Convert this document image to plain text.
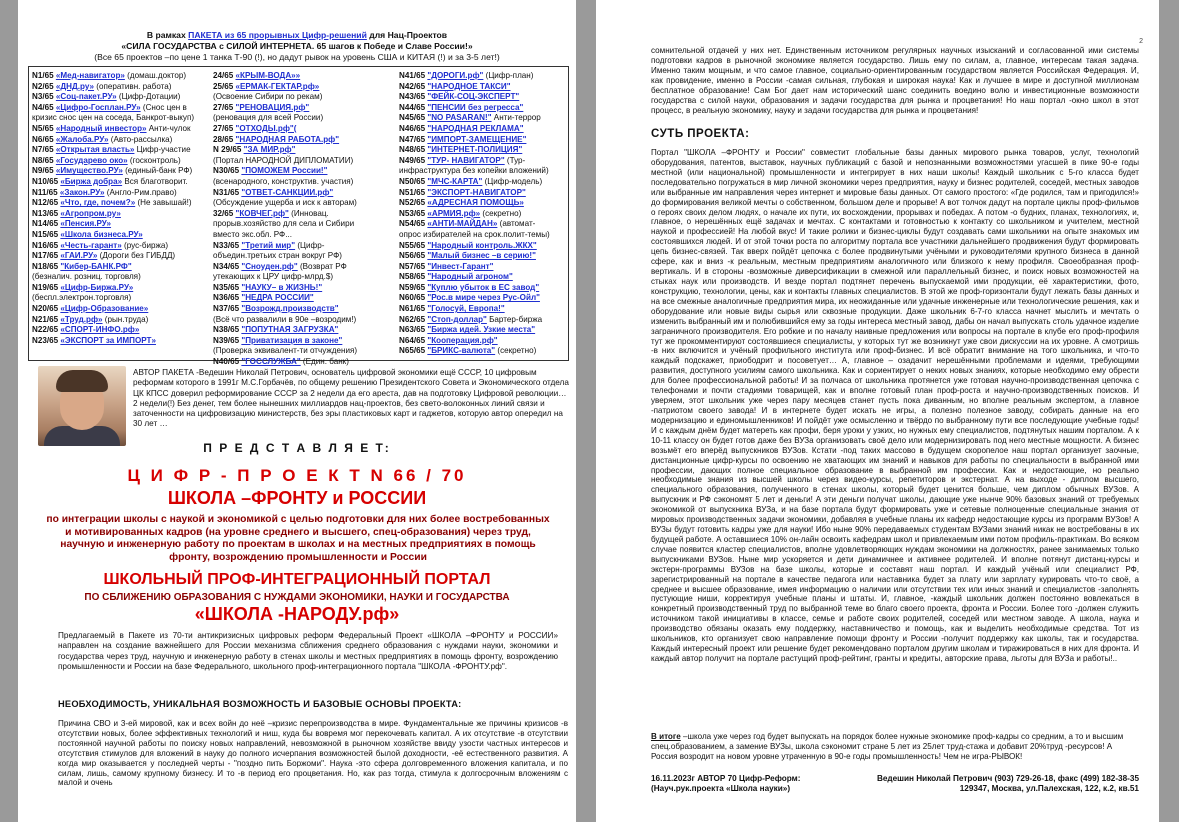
В рамках ПАКЕТА из 65 прорывных Цифр-решений для Нац-Проектов
«СИЛА ГОСУДАРСТВА с СИЛОЙ ИНТЕРНЕТА. 65 шагов к Победе и Славе России!»
(Все 65 проектов –по цене 1 танка Т-90 (!), но дадут рывок на уровень США и КИТАЯ (!) и за 3-5 лет!)
N1/65 «Мед-навигатор» (домаш.доктор)
N2/65 «ДНД.ру» (оперативн. работа)
N3/65 «Соц-пакет.РУ» (Цифр-Дотации)
N4/65 «Цифро-Госплан.РУ» (Снос цен в
кризис снос цен на соседа, Банкрот-выкуп)
N5/65 «Народный инвестор» Анти-чулок
N6/65 «Жалоба.РУ» (Авто-рассылка)
N7/65 «Открытая власть» Цифр-участие
N8/65 «Государево око» (госконтроль)
N9/65 «Имущество.РУ» (единый-банк РФ)
N10/65 «Биржа добра» Вся благотворит.
N11/65 «Закон.РУ» (Англо-Рим.право)
N12/65 «Что, где, почем?» (Не завышай!)
N13/65 «Агропром.ру»
N14/65 «Пенсия.РУ»
N15/65 «Школа бизнеса.РУ»
N16/65 «Честь-гарант» (рус-биржа)
N17/65 «ГАИ.РУ» (Дороги без ГИБДД)
N18/65 "Кибер-БАНК.РФ"
(безналич. розниц. торговля)
N19/65 «Цифр-Биржа.РУ»
(беспл.электрон.торговля)
N20/65 «Цифр-Образование»
N21/65 «Труд.рф» (рын.труда)
N22/65 «СПОРТ-ИНФО.рф»
N23/65 «ЭКСПОРТ за ИМПОРТ»
24/65 «КРЫМ-ВОДА»»
25/65 «ЕРМАК-ГЕКТАР.рф»
(Освоение Сибири по рекам)
27/65 "РЕНОВАЦИЯ.рф"
(реновация для всей России)
27/65 "ОТХОДЫ.рф"(
28/65 "НАРОДНАЯ РАБОТА.рф"
N 29/65 "ЗА МИР.рф"
(Портал НАРОДНОЙ ДИПЛОМАТИИ)
N30/65 "ПОМОЖЕМ России!"
(всенародного, конструктив. участия)
N31/65 "ОТВЕТ-САНКЦИИ.рф"
(Обсуждение ущерба и иск к авторам)
32/65 "КОВЧЕГ.рф" (Инновац.
прорыв.хозяйство для села и Сибири
вместо экс.обл. РФ...
N33/65 "Третий мир" (Цифр-
объедин.третьих стран вокруг РФ)
N34/65 "Сноуден.рф" (Возврат РФ
утекающих к ЦРУ цифр-млрд.$)
N35/65 "НАУКУ– в ЖИЗНЬ!"
N36/65 "НЕДРА РОССИИ"
N37/65 "Возрожд.производств"
(Всё что развалили в 90е –возродим!)
N38/65 "ПОПУТНАЯ ЗАГРУЗКА"
N39/65 "Приватизация в законе"
(Проверка эквивалент-ти отчуждения)
N40/65 "ГОССЛУЖБА" (Един. банк)
N41/65 "ДОРОГИ.рф" (Цифр-план)
N42/65 "НАРОДНОЕ ТАКСИ"
N43/65 "ФЕЙК-СОЦ-ЭКСПЕРТ"
N44/65 "ПЕНСИИ без регресса"
N45/65 "NO PASARAN!" Анти-террор
N46/65 "НАРОДНАЯ РЕКЛАМА"
N47/65 "ИМПОРТ-ЗАМЕЩЕНИЕ"
N48/65 "ИНТЕРНЕТ-ПОЛИЦИЯ"
N49/65 "ТУР- НАВИГАТОР" (Тур-
инфраструктура без копейки вложений)
N50/65 "МЧС-КАРТА" (Цифр-модель)
N51/65 "ЭКСПОРТ-НАВИГАТОР"
N52/65 «АДРЕСНАЯ ПОМОЩЬ»
N53/65 «АРМИЯ.рф» (секретно)
N54/65 «АНТИ-МАЙДАН» (автомат-
опрос избирателей на срок.полит-темы)
N55/65 "Народный контроль.ЖКХ"
N56/65 "Малый бизнес –в серию!"
N57/65 "Инвест-Гарант"
N58/65 "Народный агроном"
N59/65 "Куплю убыток в ЕС завод"
N60/65 "Рос.в мире через Рус-Ойл"
N61/65 "Голосуй, Европа!"
N62/65 "Стоп-доллар" Бартер-биржа
N63/65 "Биржа идей. Узкие места"
N64/65 "Кооперация.рф"
N65/65 "БРИКС-валюта" (секретно)
АВТОР ПАКЕТА -Ведешин Николай Петрович, основатель цифровой экономики ещё СССР, 10 цифровым реформам которого в 1991г М.С.Горбачёв, по общему решению Президентского Совета и Экономического отдела ЦК КПСС доверил реформирование СССР за 2 недели да его ареста, дав на подготовку Цифровой революции… 2 недели(!) Без денег, тем более нынешних миллиардов нац-проектов, без свето-волоконных линий связи и заточенности на цифровизацию министерств, без эры пластиковых карт и гаджетов, которую автор опередил на 30 лет …
П Р Е Д С Т А В Л Я Е Т:
Ц И Ф Р - П Р О Е К Т N 66 / 70
ШКОЛА –ФРОНТУ и РОССИИ
по интеграции школы с наукой и экономикой с целью подготовки для них более востребованных и мотивированных кадров (на уровне среднего и высшего, спец-образования) через труд, научную и инженерную работу по проектам в школах и на местных предприятиях в помощь фронту, возрождению промышленности и России
ШКОЛЬНЫЙ ПРОФ-ИНТЕГРАЦИОННЫЙ ПОРТАЛ
ПО СБЛИЖЕНИЮ ОБРАЗОВАНИЯ С НУЖДАМИ ЭКОНОМИКИ, НАУКИ И ГОСУДАРСТВА
«ШКОЛА -НАРОДУ.рф»
Предлагаемый в Пакете из 70-ти антикризисных цифровых реформ Федеральный Проект «ШКОЛА –ФРОНТУ и РОССИИ» направлен на создание важнейшего для России механизма сближения среднего образования с нуждами науки, экономики и государства через труд, научную и инженерную работу в стенах школы и местных предприятиях в помощь фронту, возрождению промышленности и России на базе Федерального, школьного проф-интеграционного портала "ШКОЛА -ФРОНТУ.рф".
НЕОБХОДИМОСТЬ, УНИКАЛЬНАЯ ВОЗМОЖНОСТЬ И БАЗОВЫЕ ОСНОВЫ ПРОЕКТА:
Причина СВО и 3-ей мировой, как и всех войн до неё –кризис перепроизводства в мире. Фундаментальные же причины кризисов -в отсутствии новых, более эффективных технологий и ниш, куда бы вовремя мог перекочевать капитал. А их отсутствие -в отсутствии постоянной научной работы по поиску новых направлений, невозможной в рыночном хозяйстве ввиду узости частных интересов и отсутствия стимулов для вложений в науку до полного исчерпания возможностей былой доходности, -её естественного развития. А когда мир оказывается у последней черты - "позднo пить Боржоми". Наука -это сфера долговременного вложения капитала, и по силам, лишь, самому крупному бизнесу. И то -в период его процветания. Но, как раз тогда, стимула к долгосрочным вложениям с малой и очень
2
сомнительной отдачей у них нет. Единственным источником регулярных научных изысканий и согласованной ими системы подготовки кадров в рыночной экономике является государство. Лишь ему по силам, а, главное, интересам такая задача. Именно таким мощным, и что самое главное, социально-ориентированным государством является Российская Федерация. И, как провидение, именно в России -самая сильная, глубокая и широкая наука! Как и лучшее в мире и доступной миллионам бесплатное образование! Сам Бог дает нам исторический шанс соединить воедино волю и инвестиционные возможности государства с силой науки, образования и задачи государства для рынка и процветания! Но наш портал -окно школ в этот процесс, в реальную экономику, науку и задачи государства для рынка и процветания!
СУТЬ ПРОЕКТА:
Портал "ШКОЛА –ФРОНТУ и России" совместит глобальные базы данных мирового рынка товаров, услуг, технологий оборудования, патентов, выставок, научных публикаций с базой и непознанными возможностями угасшей в пике 90-е годы местной (или национальной) промышленности и интегрирует в них наши школы! Каждый школьник с 5-го класса будет последовательно погружаться в мир личной экономики через предприятия, науку и бизнес родителей, соседей, местных заводов или выбранные им направления через интернет и мировые базы данных. От самого простого: «Где родился, там и пригодился!» до формирования великой мечты о собственном, большом деле и прорыве! А вот толчок дадут на портале циклы проф-фильмов о героях своих делом людях, о начале их пути, их восхождении, прорывах и победах. А потом -о будних, планах, технологиях, и, главное, о нерешённых ещё задачах и мечтах. С контактами и готовностью к контакту со школьником и учителем, местной наукой и профессией! На любой вкус! И такие ролики и бизнес-циклы будут создавать сами школьники на опыте знакомых им состоявшихся людей. И от этой точки роста по алгоритму портала все участники дальнейшего продвижения будут формировать цепь бизнес-связей. Так вверх пойдёт цепочка с более продвинутыми учёными и руководителями крупного бизнеса в данной сфере, как и вниз -к реальным, местным предприятиям аналогичного или близкого к нему профиля. Своеобразная проф-вертикаль. И в стороны -возможные диверсификации в смежной или параллельный бизнес, и поиск новых возможностей на стыках наук или производств. И везде портал подтянет перечень выпускаемой ими продукции, её характеристики, фото, конструкцию, технологии, цены, как и контакты главных специалистов. В этой же проф-горизонтали будут лежать базы данных и на все смежные аналогичные предприятия мира, их неожиданные или удачные инженерные или технологические решения, как и оборудование или новые виды сырья или сквозные продукции. Даже школьник 6-7-го класса начнет мыслить и мечтать о изменить выбранный им и полюбившийся ему за годы интереса местный завод, дабы он начал выпускать столь удачное изделие заграничного производителя. Его робкие и по началу наивные предложения или вопросы на портале в клубе его проф-профиля тут же прокомментируют состоявшиеся специалисты, у которых тут же возникнут уже свои дискуссии на их уровне. А смотришь -в них включится и учёный профильного института или проф-бизнес. И всё обратит внимание на того школьника, и что-то каждый подскажет, приободрит и посоветует… А, главное – озадачит нерешёнными проблемами и идеями, требующими развития, доступного усилиям самого школьника. Как и сориентирует о неких новых знаниях, которые необходимо ему обрести для более профессиональной работы! И за полчаса от школьника протянется уже готовая научно-производственная цепочка с телефонами и почти стадиями товарищей, как и вполне готовый план проф-роста и научно-производственных поисков. И уверяем, этот школьник уже через пару месяцев станет пусть пока диванным, но вполне реальным экспертом, а главное -патриотом своего завода! И в интернете будет искать не игры, а полезно полезное заводу, собирать данные на его модернизацию и единомышленников! И пойдёт уже осмысленно и твёрдо по выбранному пути все последующие учебные годы! И с каждым днём будет матереть как профи, беря уроки у узких, но нужных ему специалистов, подтянутых нашим порталом. А к 10-11 классу он будет готов даже без ВУЗа организовать своё дело или модернизировать под него местные мощности. А бизнес возьмёт его вперёд выпускников ВУЗов. Кстати -под таких массово в будущем скоропелое наш портал организует заочные, дистанционные цифр-курсы по освоению не хватающих им знаний и навыков для работы по специальности в выбранной ими профессии, дающих полное специальное образование в выбранной им профессии. Как и недостающие, но реально необходимые знания из высшей школы через видео-курсы, репетиторов и экстернат. А на выходе - диплом высшего, специального образования, полученного в стенах школы, который будет ценится больше, чем диплом обычных ВУЗов. А выпускник и РФ сэкономят 5 лет и деньги! А эти деньги получат школы, дающие уже нынче 90% базовых знаний от требуемых экономикой от выпускника ВУЗа, и на базе портала будут формировать уже и сетевые полноценные специальные знания от мировых производственных задачи экономики, добавляя в учебные планы их кафедр недостающие курсы из программ ВУЗов! А ВУЗы будут готовить кадры уже для науки! Ибо ныне 90% передаваемых студентам ВУЗами знаний никак не востребованы в их будущей работе. А оставшиеся 10% он-лайн освоить кафедрам школ и привлекаемым ими потом профиль-практикам. Во всяком случае появится кластер специалистов, вполне удовлетворяющих нуждам экономики на должностях, ранее занимаемых только выпускниками ВУЗов. Ныне мир ускоряется и дети динамичнее и активнее родителей. И вполне потянут дистанц-курсы и экстерн-программы ВУЗов на базе школы, которые и составят наш портал. И каждый учёный или специалист РФ, зарегистрированный на портале в качестве педагога или наставника будет за плату или зарплату курировать что-то своё, а среднее и высшее образование, имея информацию о наличии или отсутствии тех или иных знаний и специалистов -заполнять пустующие ниши, корректируя учебные планы и штаты. И, главное, -каждый школьник должен постоянно вовлекаться в конкретный производственный труд по выбранной теме во благо своего проекта, фронта и России. Более того -должен служить источником такой инициативы в классе, семье и работе своих родителей, соседей или местном заводе. А школа, наука и производство обязаны оказать ему поддержку, наставничество и помощь, как и выделить необходимые средства. Тот из школьников, кто организует свою направление помощи фронту и России -получит поддержку как школы, так и государства. Каждый интересный проект или решение будет рекомендовано порталом другим школам и тиражироваться в них для фронта. И каждый автор получит на портале растущий проф-рейтинг, гранты и кредиты, авторские права, льготы для ВУЗа и работы!..
В итоге –школа уже через год будет выпускать на порядок более нужные экономике проф-кадры со средним, а то и высшим спец.образованием, а замение ВУЗы, школа сэкономит стране 5 лет из 25лет труд-стажа и добавит 20%труд -ресурсов! А Россия возродит на новом уровне утраченную в 90-е годы промышленность! Чем не игра-РЫВОК!
16.11.2023г АВТОР 70 Цифр-Реформ:
(Науч.рук.проекта «Школа науки»)
Ведешин Николай Петрович (903) 729-26-18, факс (499) 182-38-35
129347, Москва, ул.Палехская, 122, к.2, кв.51
